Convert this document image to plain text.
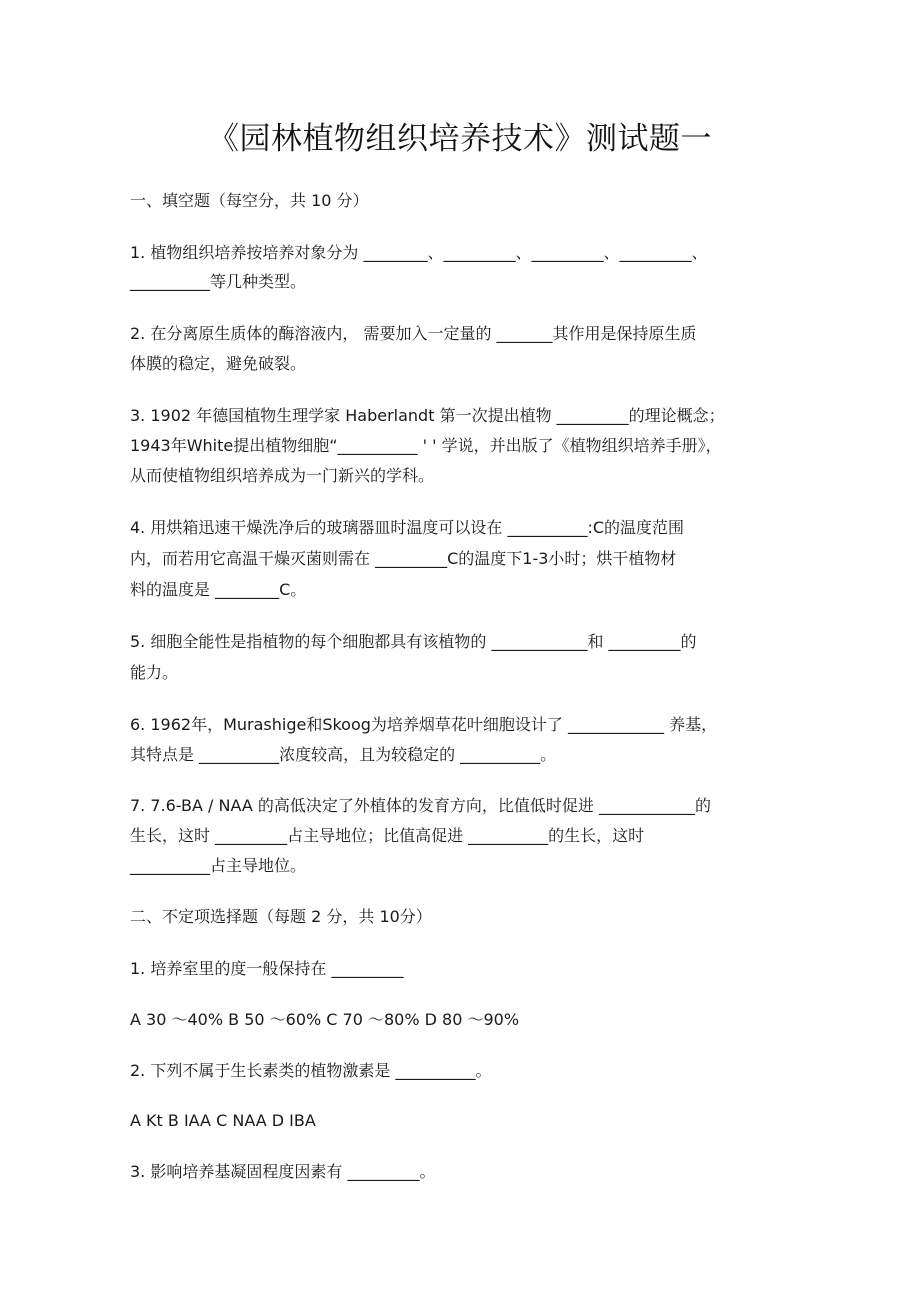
《园林植物组织培养技术》测试题一
一、填空题（每空分，共 10 分）
1. 植物组织培养按培养对象分为 ________、_________、_________、_________、
__________等几种类型。
2. 在分离原生质体的酶溶液内， 需要加入一定量的 _______其作用是保持原生质
体膜的稳定，避免破裂。
3. 1902 年德国植物生理学家 Haberlandt 第一次提出植物 _________的理论概念；
1943年White提出植物细胞“__________ ' ' 学说，并出版了《植物组织培养手册》，
从而使植物组织培养成为一门新兴的学科。
4. 用烘箱迅速干燥洗净后的玻璃器皿时温度可以设在 __________:C的温度范围
内，而若用它高温干燥灭菌则需在 _________C的温度下1-3小时；烘干植物材
料的温度是 ________C。
5. 细胞全能性是指植物的每个细胞都具有该植物的 ____________和 _________的
能力。
6. 1962年，Murashige和Skoog为培养烟草花叶细胞设计了 ____________ 养基，
其特点是 __________浓度较高，且为较稳定的 __________。
7. 7.6-BA / NAA 的高低决定了外植体的发育方向，比值低时促进 ____________的
生长，这时 _________占主导地位；比值高促进 __________的生长，这时
__________占主导地位。
二、不定项选择题（每题 2 分，共 10分）
1. 培养室里的度一般保持在 _________
A 30 ～40% B 50 ～60% C 70 ～80% D 80 ～90%
2. 下列不属于生长素类的植物激素是 __________。
A Kt B IAA C NAA D IBA
3. 影响培养基凝固程度因素有 _________。
